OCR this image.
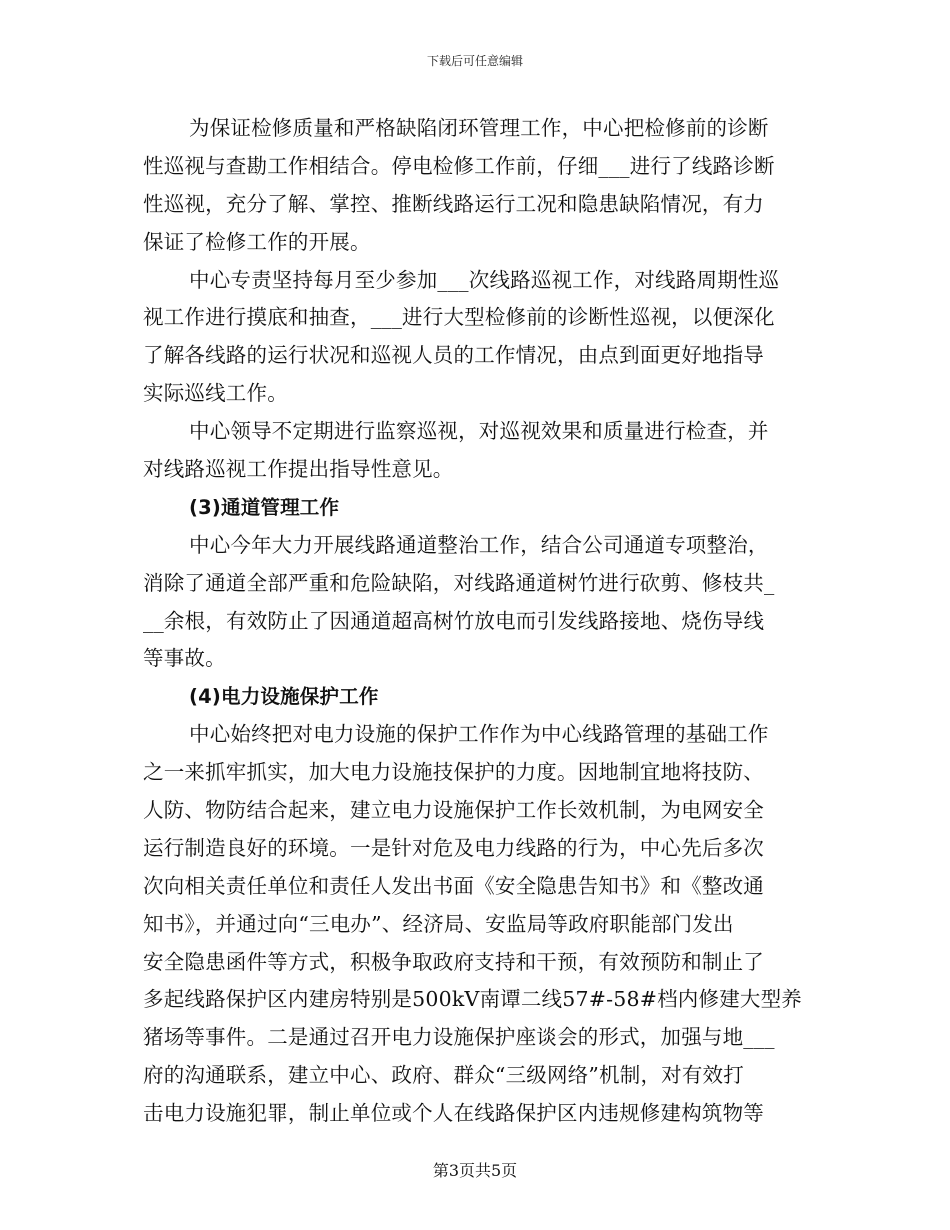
下载后可任意编辑
为保证检修质量和严格缺陷闭环管理工作，中心把检修前的诊断
性巡视与查勘工作相结合。停电检修工作前，仔细___进行了线路诊断
性巡视，充分了解、掌控、推断线路运行工况和隐患缺陷情况，有力
保证了检修工作的开展。
中心专责坚持每月至少参加___次线路巡视工作，对线路周期性巡
视工作进行摸底和抽查，___进行大型检修前的诊断性巡视，以便深化
了解各线路的运行状况和巡视人员的工作情况，由点到面更好地指导
实际巡线工作。
中心领导不定期进行监察巡视，对巡视效果和质量进行检查，并
对线路巡视工作提出指导性意见。
(3)通道管理工作
中心今年大力开展线路通道整治工作，结合公司通道专项整治，
消除了通道全部严重和危险缺陷，对线路通道树竹进行砍剪、修枝共_
__余根，有效防止了因通道超高树竹放电而引发线路接地、烧伤导线
等事故。
(4)电力设施保护工作
中心始终把对电力设施的保护工作作为中心线路管理的基础工作
之一来抓牢抓实，加大电力设施技保护的力度。因地制宜地将技防、
人防、物防结合起来，建立电力设施保护工作长效机制，为电网安全
运行制造良好的环境。一是针对危及电力线路的行为，中心先后多次
次向相关责任单位和责任人发出书面《安全隐患告知书》和《整改通
知书》，并通过向“三电办”、经济局、安监局等政府职能部门发出
安全隐患函件等方式，积极争取政府支持和干预，有效预防和制止了
多起线路保护区内建房特别是500kV南谭二线57#-58#档内修建大型养
猪场等事件。二是通过召开电力设施保护座谈会的形式，加强与地___
府的沟通联系，建立中心、政府、群众“三级网络”机制，对有效打
击电力设施犯罪，制止单位或个人在线路保护区内违规修建构筑物等
第3页共5页
